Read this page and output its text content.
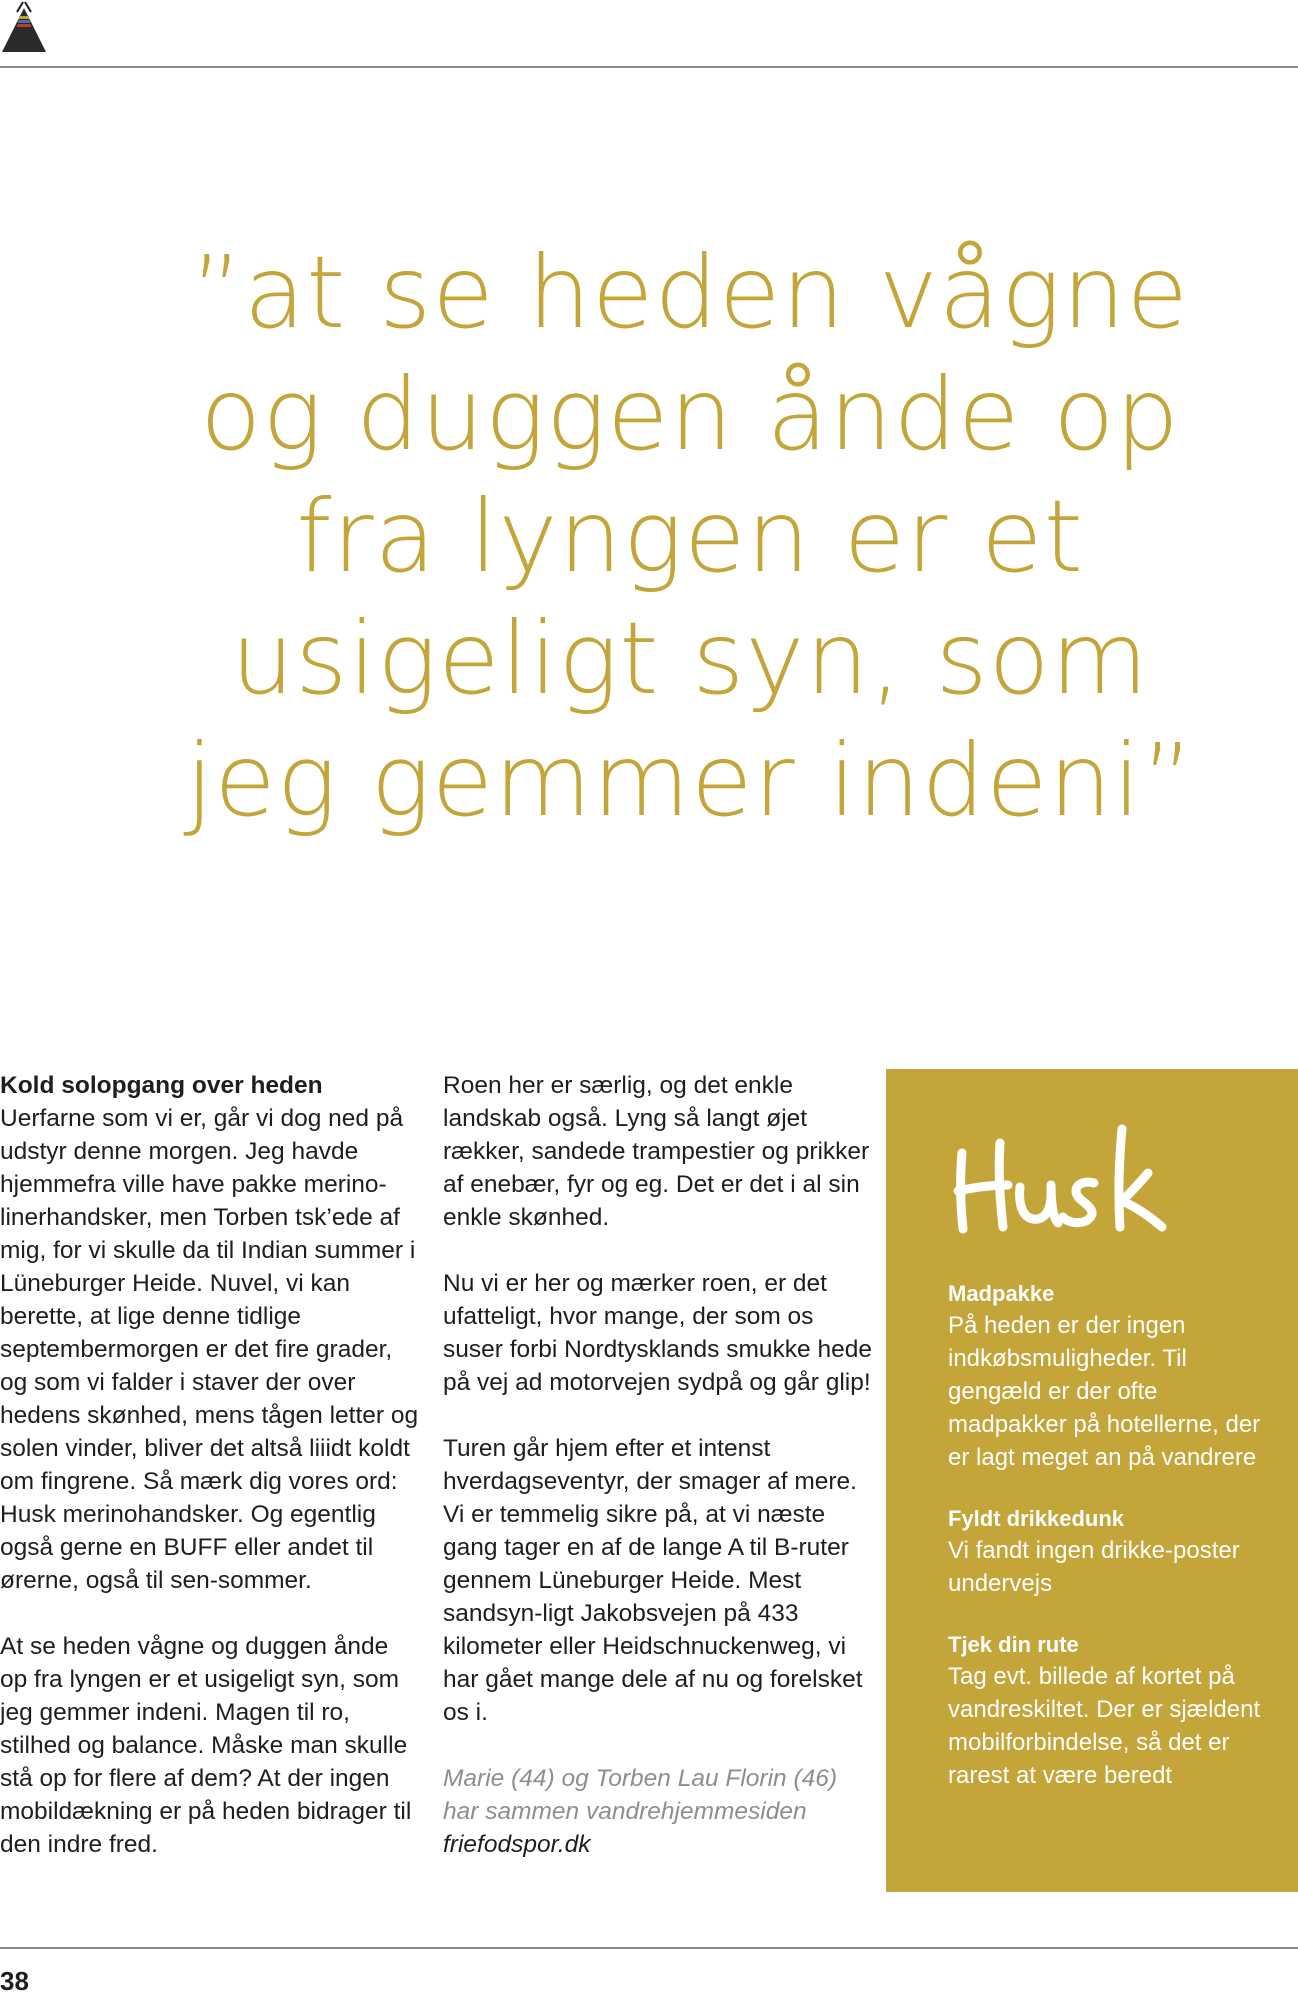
”at se heden vågne
og duggen ånde op
fra lyngen er et
usigeligt syn, som
jeg gemmer indeni”

Kold solopgang over heden
Uerfarne som vi er, går vi dog ned på udstyr denne morgen. Jeg havde hjemmefra ville have pakke merino-linerhandsker, men Torben tsk’ede af mig, for vi skulle da til Indian summer i Lüneburger Heide. Nuvel, vi kan berette, at lige denne tidlige septembermorgen er det fire grader, og som vi falder i staver der over hedens skønhed, mens tågen letter og solen vinder, bliver det altså liiidt koldt om fingrene. Så mærk dig vores ord: Husk merinohandsker. Og egentlig også gerne en BUFF eller andet til ørerne, også til sen-sommer.

At se heden vågne og duggen ånde op fra lyngen er et usigeligt syn, som jeg gemmer indeni. Magen til ro, stilhed og balance. Måske man skulle stå op for flere af dem? At der ingen mobildækning er på heden bidrager til den indre fred.

Roen her er særlig, og det enkle landskab også. Lyng så langt øjet rækker, sandede trampestier og prikker af enebær, fyr og eg. Det er det i al sin enkle skønhed.

Nu vi er her og mærker roen, er det ufatteligt, hvor mange, der som os suser forbi Nordtysklands smukke hede på vej ad motorvejen sydpå og går glip!

Turen går hjem efter et intenst hverdagseventyr, der smager af mere. Vi er temmelig sikre på, at vi næste gang tager en af de lange A til B-ruter gennem Lüneburger Heide. Mest sandsyn-ligt Jakobsvejen på 433 kilometer eller Heidschnuckenweg, vi har gået mange dele af nu og forelsket os i.

Marie (44) og Torben Lau Florin (46) har sammen vandrehjemmesiden
friefodspor.dk

Madpakke

På heden er der ingen indkøbsmuligheder. Til gengæld er der ofte madpakker på hotellerne, der er lagt meget an på vandrere

Fyldt drikkedunk

Vi fandt ingen drikke-poster undervejs

Tjek din rute

Tag evt. billede af kortet på vandreskiltet. Der er sjældent mobilforbindelse, så det er rarest at være beredt

38
